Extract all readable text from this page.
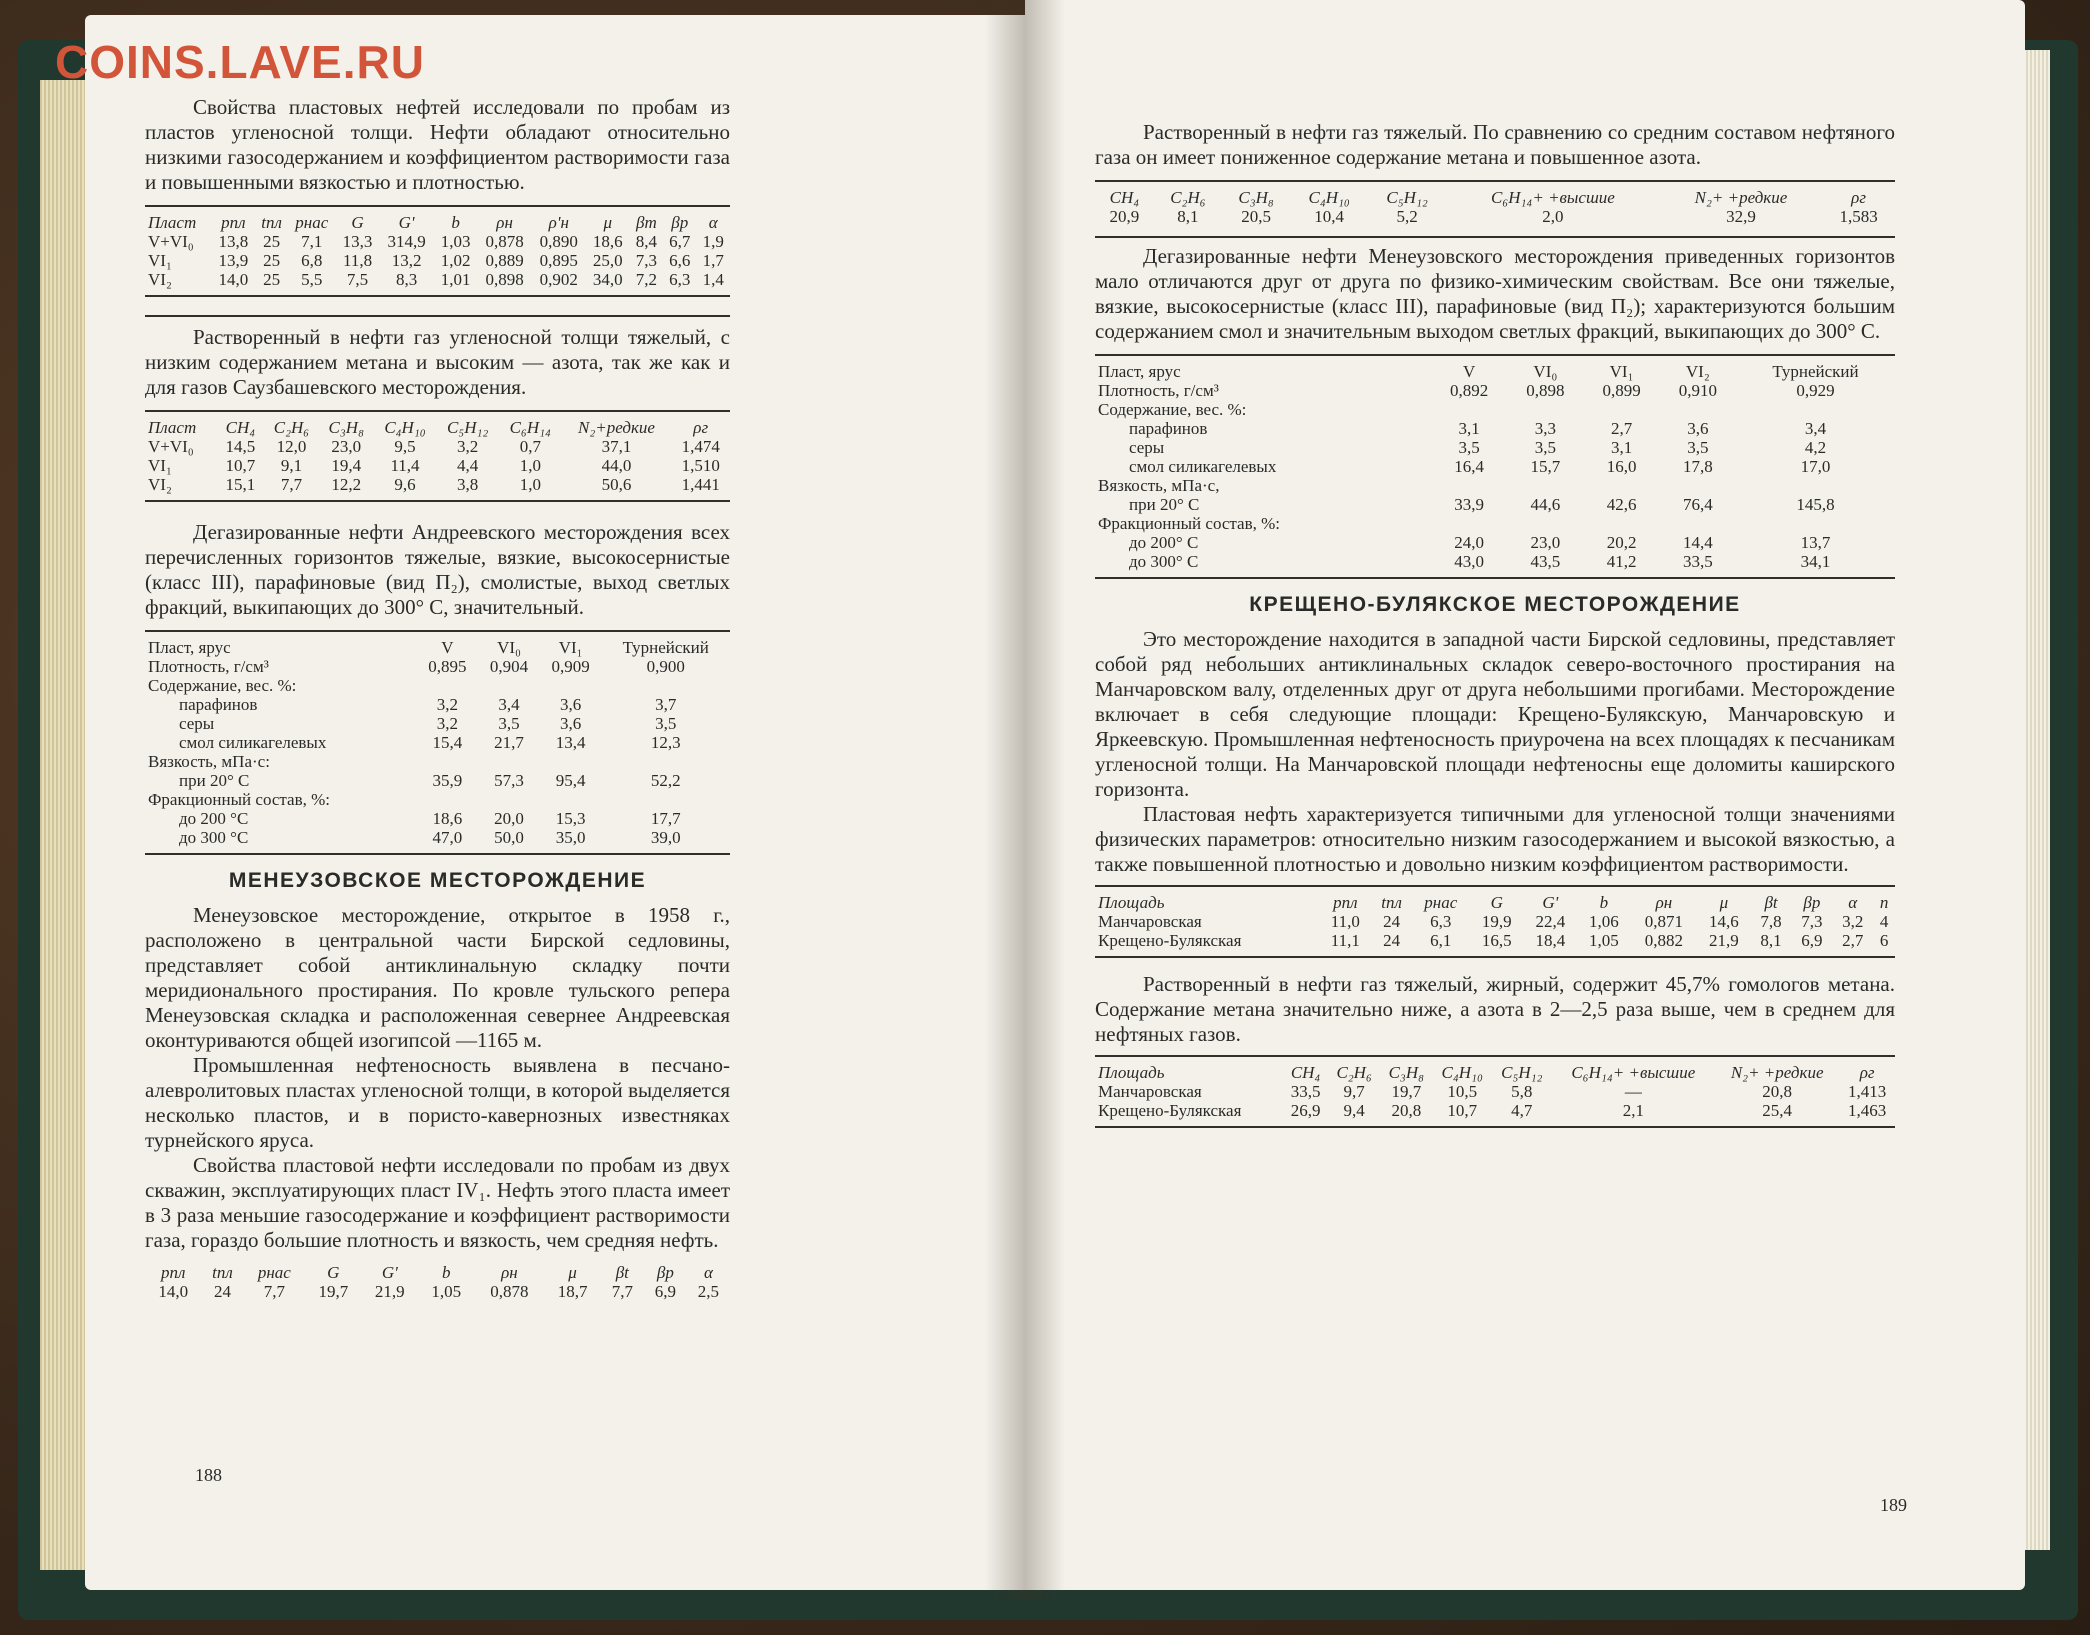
Свойства пластовых нефтей исследовали по пробам из пластов угленосной толщи. Нефти обладают относительно низкими газосодержанием и коэффициентом растворимости газа и повышенными вязкостью и плотностью.

Пласт	pпл	tпл	pнас	G	G'	b	ρн	ρ'н	μ	βт	βp	α
V+VI₀	13,8	25	7,1	13,3	314,9	1,03	0,878	0,890	18,6	8,4	6,7	1,9
VI₁	13,9	25	6,8	11,8	13,2	1,02	0,889	0,895	25,0	7,3	6,6	1,7
VI₂	14,0	25	5,5	7,5	8,3	1,01	0,898	0,902	34,0	7,2	6,3	1,4

Растворенный в нефти газ угленосной толщи тяжелый, с низким содержанием метана и высоким — азота, так же как и для газов Саузбашевского месторождения.

Пласт	CH₄	C₂H₆	C₃H₈	C₄H₁₀	C₅H₁₂	C₆H₁₄	N₂+редкие	ρг
V+VI₀	14,5	12,0	23,0	9,5	3,2	0,7	37,1	1,474
VI₁	10,7	9,1	19,4	11,4	4,4	1,0	44,0	1,510
VI₂	15,1	7,7	12,2	9,6	3,8	1,0	50,6	1,441

Дегазированные нефти Андреевского месторождения всех перечисленных горизонтов тяжелые, вязкие, высокосернистые (класс III), парафиновые (вид П₂), смолистые, выход светлых фракций, выкипающих до 300° С, значительный.

Пласт, ярус	V	VI₀	VI₁	Турнейский
Плотность, г/см³	0,895	0,904	0,909	0,900
Содержание, вес. %:				
парафинов	3,2	3,4	3,6	3,7
серы	3,2	3,5	3,6	3,5
смол силикагелевых	15,4	21,7	13,4	12,3
Вязкость, мПа·с:				
при 20° С	35,9	57,3	95,4	52,2
Фракционный состав, %:				
до 200 °С	18,6	20,0	15,3	17,7
до 300 °С	47,0	50,0	35,0	39,0
МЕНЕУЗОВСКОЕ МЕСТОРОЖДЕНИЕ

Менеузовское месторождение, открытое в 1958 г., расположено в центральной части Бирской седловины, представляет собой антиклинальную складку почти меридионального простирания. По кровле тульского репера Менеузовская складка и расположенная севернее Андреевская оконтуриваются общей изогипсой —1165 м.

Промышленная нефтеносность выявлена в песчано-алевролитовых пластах угленосной толщи, в которой выделяется несколько пластов, и в пористо-кавернозных известняках турнейского яруса.

Свойства пластовой нефти исследовали по пробам из двух скважин, эксплуатирующих пласт IV₁. Нефть этого пласта имеет в 3 раза меньшие газосодержание и коэффициент растворимости газа, гораздо большие плотность и вязкость, чем средняя нефть.

pпл	tпл	pнас	G	G'	b	ρн	μ	βt	βp	α
14,0	24	7,7	19,7	21,9	1,05	0,878	18,7	7,7	6,9	2,5
188

Растворенный в нефти газ тяжелый. По сравнению со средним составом нефтяного газа он имеет пониженное содержание метана и повышенное азота.

CH₄	C₂H₆	C₃H₈	C₄H₁₀	C₅H₁₂	C₆H₁₄+ +высшие	N₂+ +редкие	ρг
20,9	8,1	20,5	10,4	5,2	2,0	32,9	1,583

Дегазированные нефти Менеузовского месторождения приведенных горизонтов мало отличаются друг от друга по физико-химическим свойствам. Все они тяжелые, вязкие, высокосернистые (класс III), парафиновые (вид П₂); характеризуются большим содержанием смол и значительным выходом светлых фракций, выкипающих до 300° С.

Пласт, ярус	V	VI₀	VI₁	VI₂	Турнейский
Плотность, г/см³	0,892	0,898	0,899	0,910	0,929
Содержание, вес. %:					
парафинов	3,1	3,3	2,7	3,6	3,4
серы	3,5	3,5	3,1	3,5	4,2
смол силикагелевых	16,4	15,7	16,0	17,8	17,0
Вязкость, мПа·с,					
при 20° С	33,9	44,6	42,6	76,4	145,8
Фракционный состав, %:					
до 200° С	24,0	23,0	20,2	14,4	13,7
до 300° С	43,0	43,5	41,2	33,5	34,1
КРЕЩЕНО-БУЛЯКСКОЕ МЕСТОРОЖДЕНИЕ

Это месторождение находится в западной части Бирской седловины, представляет собой ряд небольших антиклинальных складок северо-восточного простирания на Манчаровском валу, отделенных друг от друга небольшими прогибами. Месторождение включает в себя следующие площади: Крещено-Булякскую, Манчаровскую и Яркеевскую. Промышленная нефтеносность приурочена на всех площадях к песчаникам угленосной толщи. На Манчаровской площади нефтеносны еще доломиты каширского горизонта.

Пластовая нефть характеризуется типичными для угленосной толщи значениями физических параметров: относительно низким газосодержанием и высокой вязкостью, а также повышенной плотностью и довольно низким коэффициентом растворимости.

Площадь	pпл	tпл	pнас	G	G'	b	ρн	μ	βt	βp	α	n
Манчаровская	11,0	24	6,3	19,9	22,4	1,06	0,871	14,6	7,8	7,3	3,2	4
Крещено-Булякская	11,1	24	6,1	16,5	18,4	1,05	0,882	21,9	8,1	6,9	2,7	6

Растворенный в нефти газ тяжелый, жирный, содержит 45,7% гомологов метана. Содержание метана значительно ниже, а азота в 2—2,5 раза выше, чем в среднем для нефтяных газов.

Площадь	CH₄	C₂H₆	C₃H₈	C₄H₁₀	C₅H₁₂	C₆H₁₄+ +высшие	N₂+ +редкие	ρг
Манчаровская	33,5	9,7	19,7	10,5	5,8	—	20,8	1,413
Крещено-Булякская	26,9	9,4	20,8	10,7	4,7	2,1	25,4	1,463
189
COINS.LAVE.RU
